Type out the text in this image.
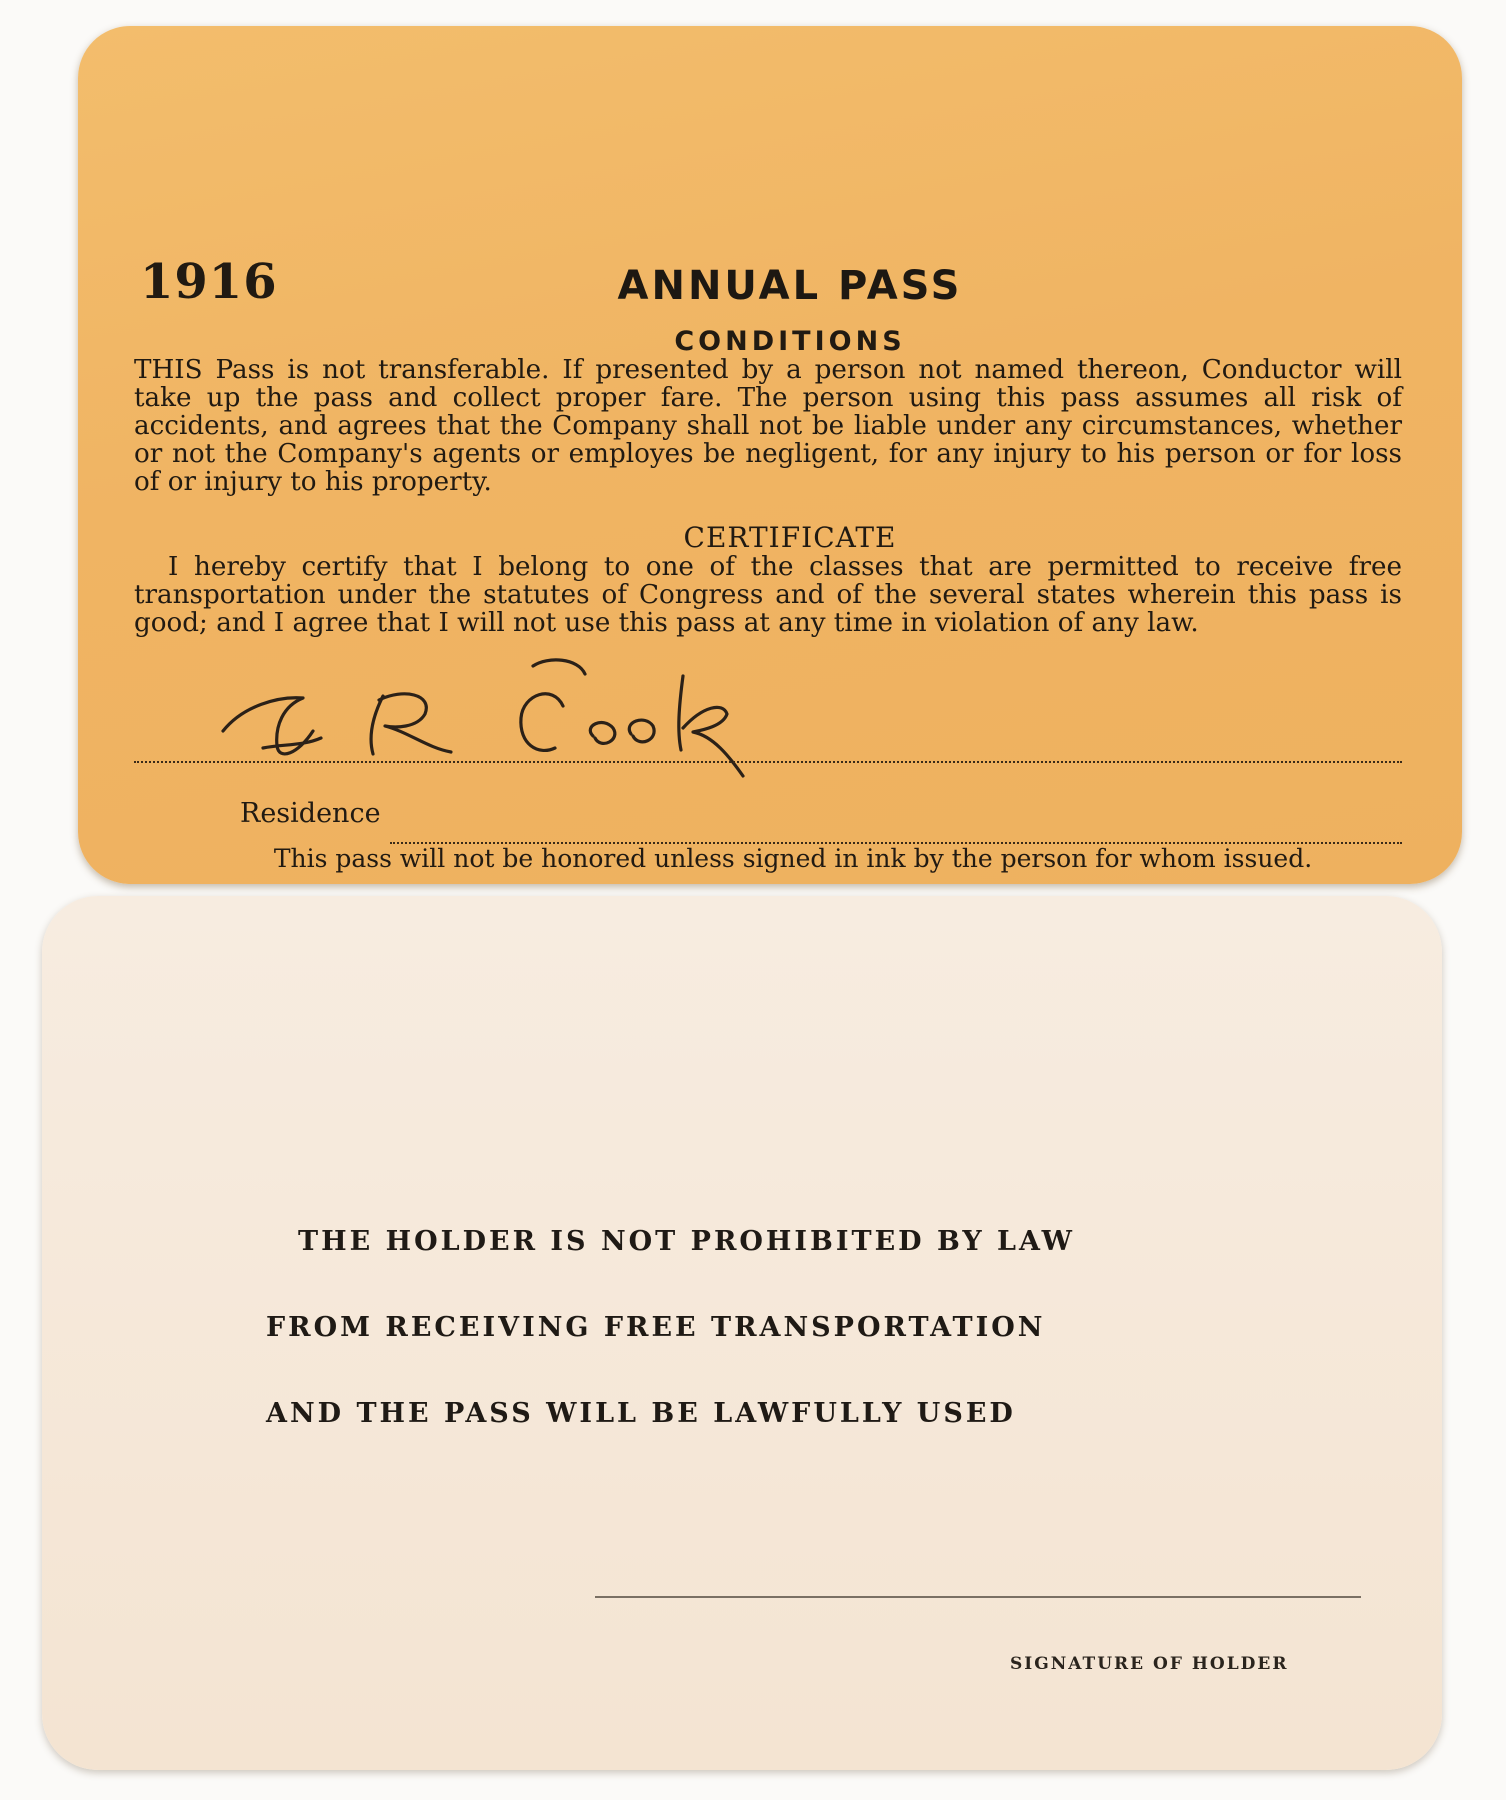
1916	ANNUAL PASS
CONDITIONS
THIS Pass is not transferable. If presented by a person not named thereon, Conductor will take up the pass and collect proper fare. The person using this pass assumes all risk of accidents, and agrees that the Company shall not be liable under any circumstances, whether or not the Company's agents or employes be negligent, for any injury to his person or for loss of or injury to his property.
CERTIFICATE
I hereby certify that I belong to one of the classes that are permitted to receive free transportation under the statutes of Congress and of the several states wherein this pass is good; and I agree that I will not use this pass at any time in violation of any law.
Residence
This pass will not be honored unless signed in ink by the person for whom issued.
THE HOLDER IS NOT PROHIBITED BY LAW
FROM RECEIVING FREE TRANSPORTATION
AND THE PASS WILL BE LAWFULLY USED
SIGNATURE OF HOLDER
